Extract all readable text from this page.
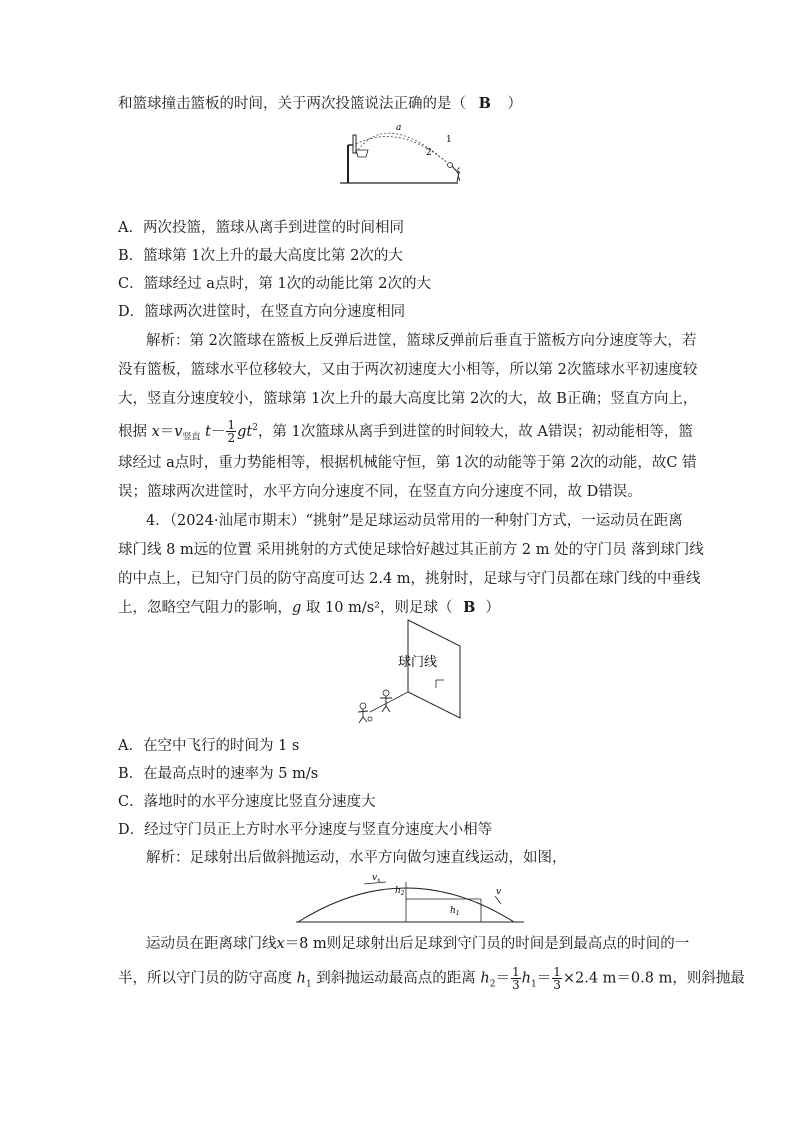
和篮球撞击篮板的时间，关于两次投篮说法正确的是（ B ）
a
1
2
A．两次投篮，篮球从离手到进筐的时间相同
B．篮球第 1次上升的最大高度比第 2次的大
C．篮球经过 a点时，第 1次的动能比第 2次的大
D．篮球两次进筐时，在竖直方向分速度相同
解析：第 2次篮球在篮板上反弹后进筐，篮球反弹前后垂直于篮板方向分速度等大，若
没有篮板，篮球水平位移较大，又由于两次初速度大小相等，所以第 2次篮球水平初速度较
大，竖直分速度较小，篮球第 1次上升的最大高度比第 2次的大，故 B正确；竖直方向上，
根据 $x=v_{竖直}$ $t- \frac{1}{2} gt^2$，第 1次篮球从离手到进筐的时间较大，故 A错误；初动能相等，篮
球经过 a点时，重力势能相等，根据机械能守恒，第 1次的动能等于第 2次的动能，故C 错
误；篮球两次进筐时，水平方向分速度不同，在竖直方向分速度不同，故 D错误。
4．（2024·汕尾市期末）“挑射”是足球运动员常用的一种射门方式，一运动员在距离
球门线 8 m远的位置 采用挑射的方式使足球恰好越过其正前方 2 m 处的守门员 落到球门线
的中点上，已知守门员的防守高度可达 2.4 m，挑射时，足球与守门员都在球门线的中垂线
上，忽略空气阻力的影响，g 取 10 m/s²，则足球（ B ）
球门线
A．在空中飞行的时间为 1 s
B．在最高点时的速率为 5 m/s
C．落地时的水平分速度比竖直分速度大
D．经过守门员正上方时水平分速度与竖直分速度大小相等
解析：足球射出后做斜抛运动，水平方向做匀速直线运动，如图，
$v_x$
$h_2$
$h_1$
v
运动员在距离球门线x＝8 m则足球射出后足球到守门员的时间是到最高点的时间的一
半，所以守门员的防守高度 $h_1$ 到斜抛运动最高点的距离 $h_2= \frac{1}{3} h_1= \frac{1}{3} \times 2.4$ m＝0.8 m，则斜抛最
